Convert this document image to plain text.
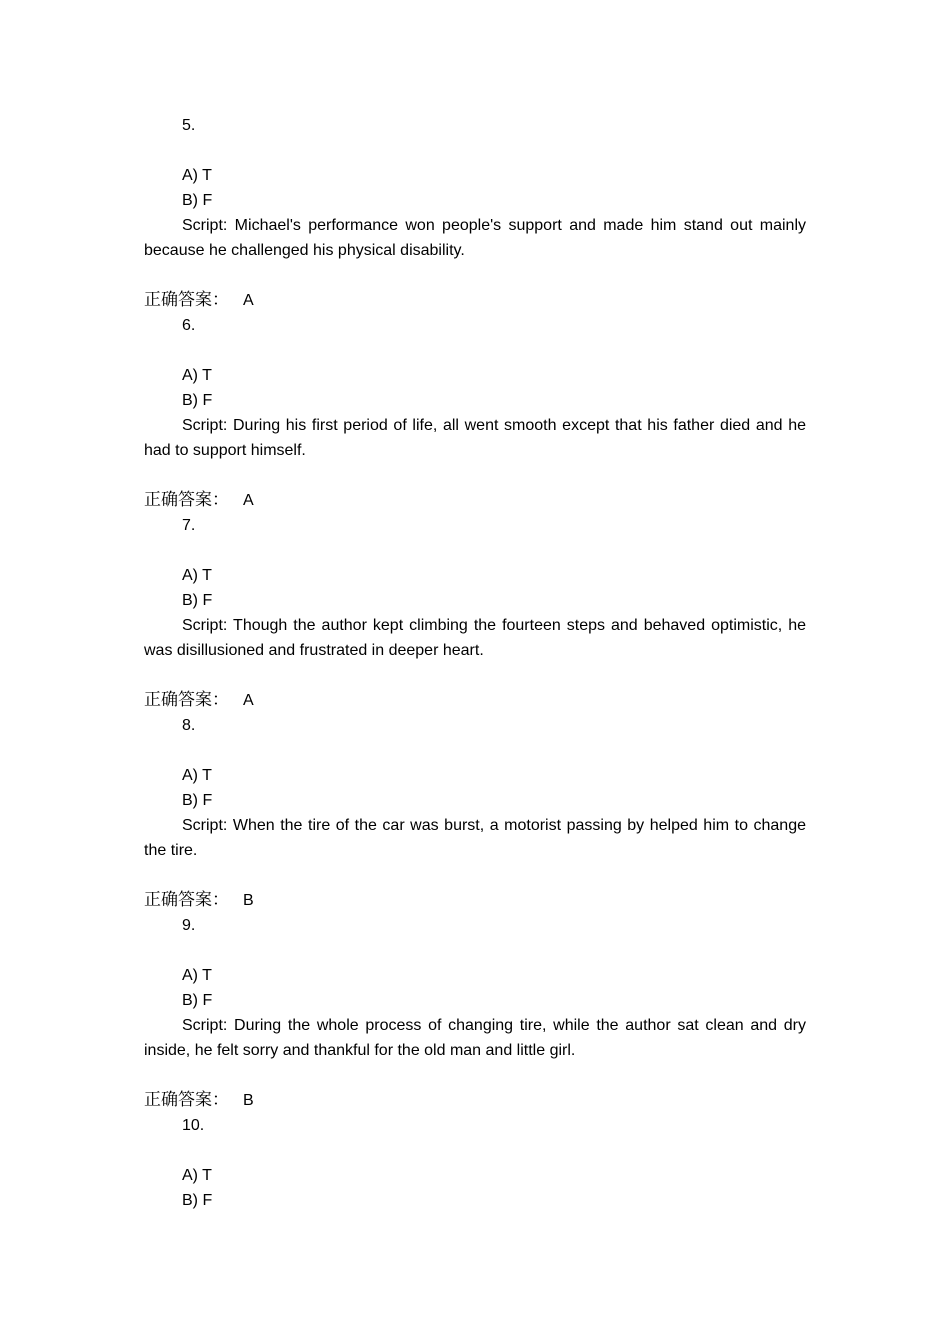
5.
A) T
B) F

Script: Michael's performance won people's support and made him stand out mainly because he challenged his physical disability.

正确答案： A
6.
A) T
B) F

Script: During his first period of life, all went smooth except that his father died and he had to support himself.

正确答案： A
7.
A) T
B) F

Script: Though the author kept climbing the fourteen steps and behaved optimistic, he was disillusioned and frustrated in deeper heart.

正确答案： A
8.
A) T
B) F

Script: When the tire of the car was burst, a motorist passing by helped him to change the tire.

正确答案： B
9.
A) T
B) F

Script: During the whole process of changing tire, while the author sat clean and dry inside, he felt sorry and thankful for the old man and little girl.

正确答案： B
10.
A) T
B) F
